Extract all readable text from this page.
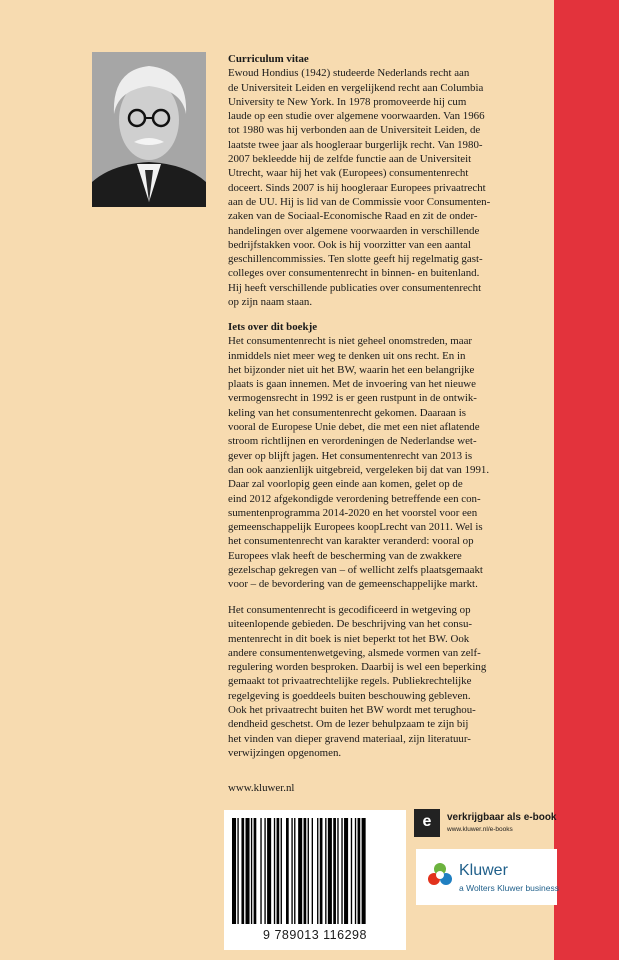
Curriculum vitae

Ewoud Hondius (1942) studeerde Nederlands recht aan
de Universiteit Leiden en vergelijkend recht aan Columbia
University te New York. In 1978 promoveerde hij cum
laude op een studie over algemene voorwaarden. Van 1966
tot 1980 was hij verbonden aan de Universiteit Leiden, de
laatste twee jaar als hoogleraar burgerlijk recht. Van 1980-
2007 bekleedde hij de zelfde functie aan de Universiteit
Utrecht, waar hij het vak (Europees) consumentenrecht
doceert. Sinds 2007 is hij hoogleraar Europees privaatrecht
aan de UU. Hij is lid van de Commissie voor Consumenten-
zaken van de Sociaal-Economische Raad en zit de onder-
handelingen over algemene voorwaarden in verschillende
bedrijfstakken voor. Ook is hij voorzitter van een aantal
geschillencommissies. Ten slotte geeft hij regelmatig gast-
colleges over consumentenrecht in binnen- en buitenland.
Hij heeft verschillende publicaties over consumentenrecht
op zijn naam staan.

Iets over dit boekje

Het consumentenrecht is niet geheel onomstreden, maar
inmiddels niet meer weg te denken uit ons recht. En in
het bijzonder niet uit het BW, waarin het een belangrijke
plaats is gaan innemen. Met de invoering van het nieuwe
vermogensrecht in 1992 is er geen rustpunt in de ontwik-
keling van het consumentenrecht gekomen. Daaraan is
vooral de Europese Unie debet, die met een niet aflatende
stroom richtlijnen en verordeningen de Nederlandse wet-
gever op blijft jagen. Het consumentenrecht van 2013 is
dan ook aanzienlijk uitgebreid, vergeleken bij dat van 1991.
Daar zal voorlopig geen einde aan komen, gelet op de
eind 2012 afgekondigde verordening betreffende een con-
sumentenprogramma 2014-2020 en het voorstel voor een
gemeenschappelijk Europees koopLrecht van 2011. Wel is
het consumentenrecht van karakter veranderd: vooral op
Europees vlak heeft de bescherming van de zwakkere
gezelschap gekregen van – of wellicht zelfs plaatsgemaakt
voor – de bevordering van de gemeenschappelijke markt.

Het consumentenrecht is gecodificeerd in wetgeving op
uiteenlopende gebieden. De beschrijving van het consu-
mentenrecht in dit boek is niet beperkt tot het BW. Ook
andere consumentenwetgeving, alsmede vormen van zelf-
regulering worden besproken. Daarbij is wel een beperking
gemaakt tot privaatrechtelijke regels. Publiekrechtelijke
regelgeving is goeddeels buiten beschouwing gebleven.
Ook het privaatrecht buiten het BW wordt met terughou-
dendheid geschetst. Om de lezer behulpzaam te zijn bij
het vinden van dieper gravend materiaal, zijn literatuur-
verwijzingen opgenomen.

www.kluwer.nl
9 789013 116298
e	verkrijgbaar als e-book
www.kluwer.nl/e-books
Kluwer
a Wolters Kluwer business
